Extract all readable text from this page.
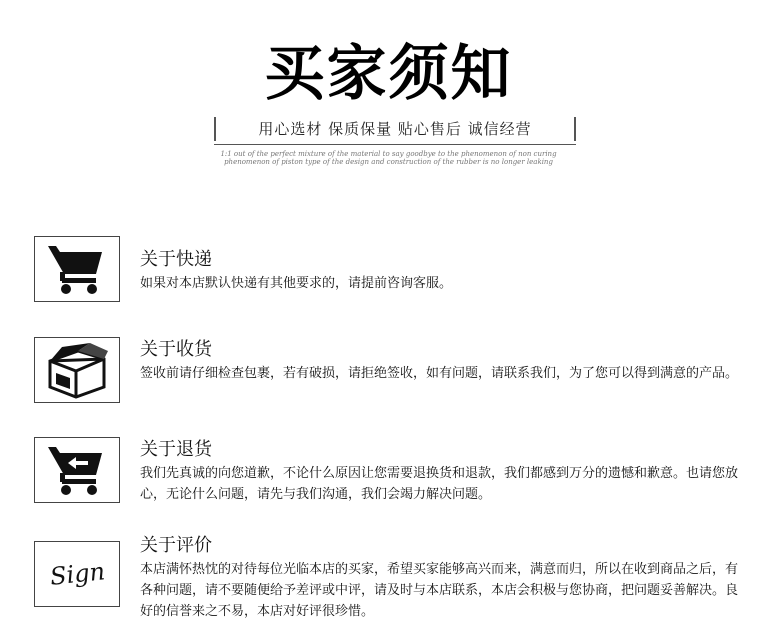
买家须知
用心选材 保质保量 贴心售后 诚信经营
1:1 out of the perfect mixture of the material to say goodbye to the phenomenon of non curing
phenomenon of piston type of the design and construction of the rubber is no longer leaking
关于快递
如果对本店默认快递有其他要求的，请提前咨询客服。
关于收货
签收前请仔细检查包裹，若有破损，请拒绝签收，如有问题，请联系我们，为了您可以得到满意的产品。
关于退货
我们先真诚的向您道歉，不论什么原因让您需要退换货和退款，我们都感到万分的遗憾和歉意。也请您放心，无论什么问题，请先与我们沟通，我们会竭力解决问题。
Sign
关于评价
本店满怀热忱的对待每位光临本店的买家，希望买家能够高兴而来，满意而归，所以在收到商品之后，有各种问题，请不要随便给予差评或中评，请及时与本店联系，本店会积极与您协商，把问题妥善解决。良好的信誉来之不易，本店对好评很珍惜。
